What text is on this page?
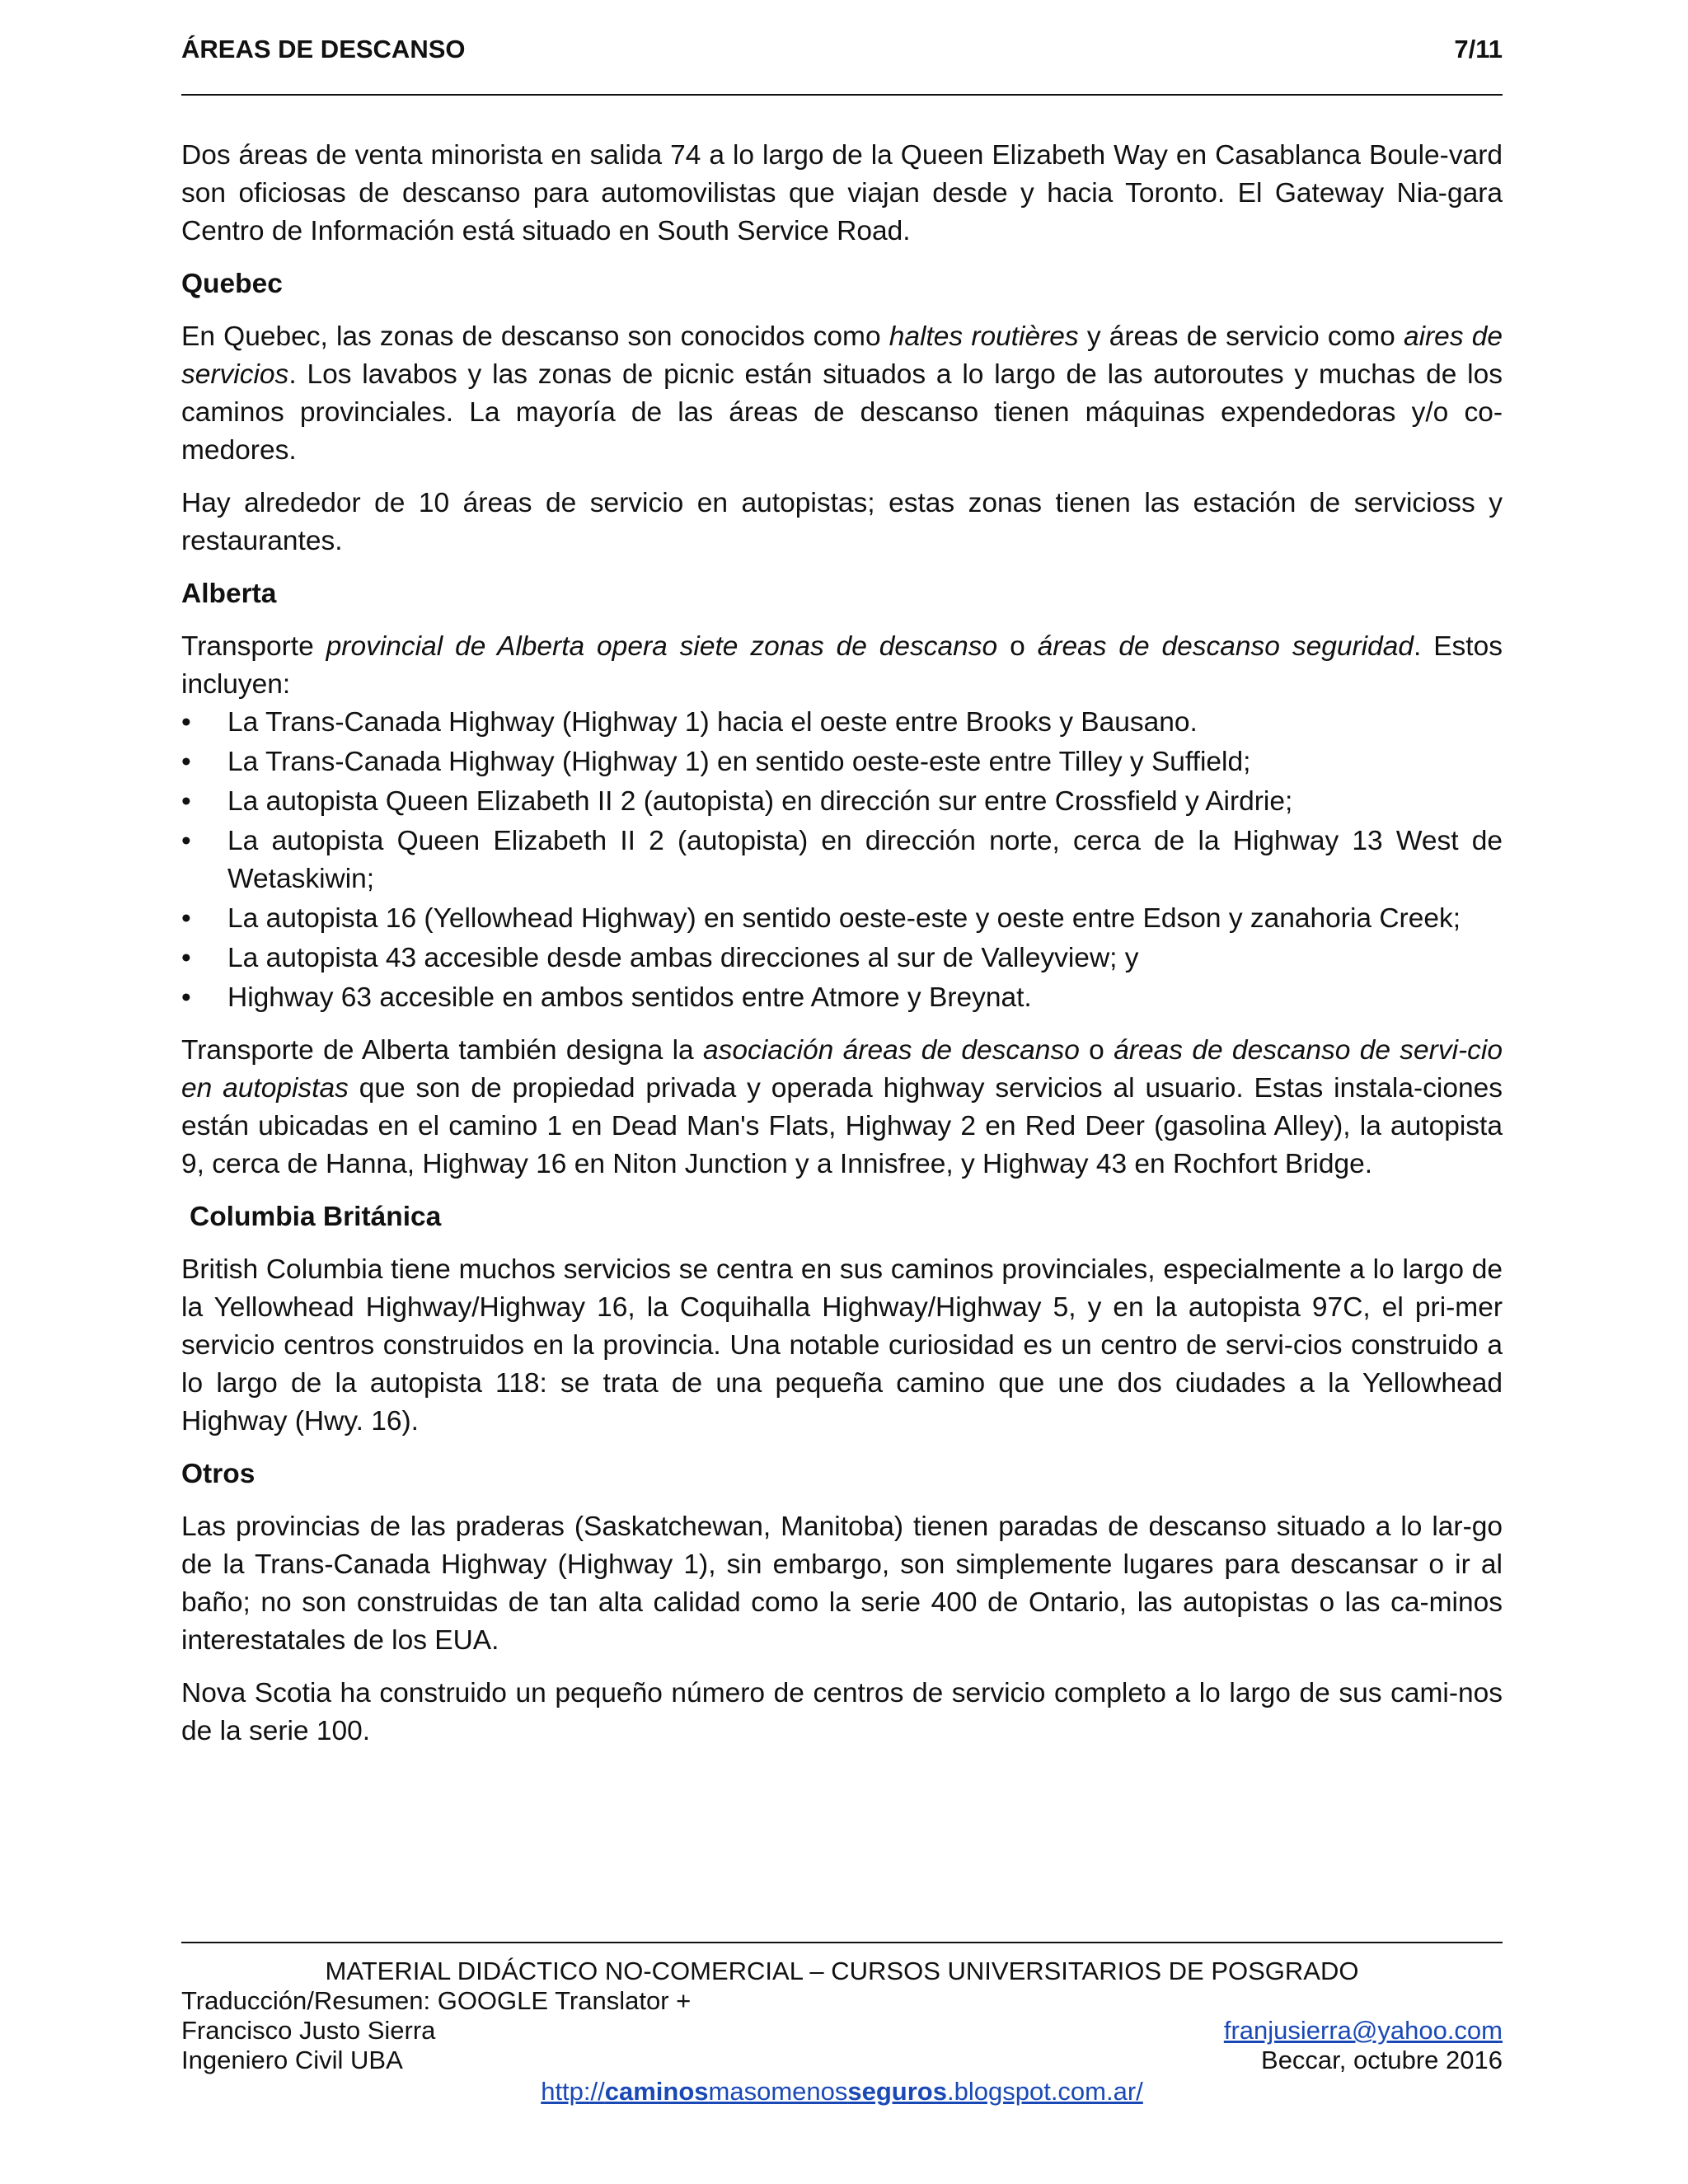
ÁREAS DE DESCANSO	7/11

Dos áreas de venta minorista en salida 74 a lo largo de la Queen Elizabeth Way en Casablanca Boule-vard son oficiosas de descanso para automovilistas que viajan desde y hacia Toronto. El Gateway Nia-gara Centro de Información está situado en South Service Road.

Quebec

En Quebec, las zonas de descanso son conocidos como haltes routières y áreas de servicio como aires de servicios. Los lavabos y las zonas de picnic están situados a lo largo de las autoroutes y muchas de los caminos provinciales. La mayoría de las áreas de descanso tienen máquinas expendedoras y/o co-medores.

Hay alrededor de 10 áreas de servicio en autopistas; estas zonas tienen las estación de servicioss y restaurantes.

Alberta

Transporte provincial de Alberta opera siete zonas de descanso o áreas de descanso seguridad. Estos incluyen:

• La Trans-Canada Highway (Highway 1) hacia el oeste entre Brooks y Bausano.
• La Trans-Canada Highway (Highway 1) en sentido oeste-este entre Tilley y Suffield;
• La autopista Queen Elizabeth II 2 (autopista) en dirección sur entre Crossfield y Airdrie;
• La autopista Queen Elizabeth II 2 (autopista) en dirección norte, cerca de la Highway 13 West de Wetaskiwin;
• La autopista 16 (Yellowhead Highway) en sentido oeste-este y oeste entre Edson y zanahoria Creek;
• La autopista 43 accesible desde ambas direcciones al sur de Valleyview; y
• Highway 63 accesible en ambos sentidos entre Atmore y Breynat.

Transporte de Alberta también designa la asociación áreas de descanso o áreas de descanso de servi-cio en autopistas que son de propiedad privada y operada highway servicios al usuario. Estas instala-ciones están ubicadas en el camino 1 en Dead Man's Flats, Highway 2 en Red Deer (gasolina Alley), la autopista 9, cerca de Hanna, Highway 16 en Niton Junction y a Innisfree, y Highway 43 en Rochfort Bridge.

Columbia Británica

British Columbia tiene muchos servicios se centra en sus caminos provinciales, especialmente a lo largo de la Yellowhead Highway/Highway 16, la Coquihalla Highway/Highway 5, y en la autopista 97C, el pri-mer servicio centros construidos en la provincia. Una notable curiosidad es un centro de servi-cios construido a lo largo de la autopista 118: se trata de una pequeña camino que une dos ciudades a la Yellowhead Highway (Hwy. 16).

Otros

Las provincias de las praderas (Saskatchewan, Manitoba) tienen paradas de descanso situado a lo lar-go de la Trans-Canada Highway (Highway 1), sin embargo, son simplemente lugares para descansar o ir al baño; no son construidas de tan alta calidad como la serie 400 de Ontario, las autopistas o las ca-minos interestatales de los EUA.

Nova Scotia ha construido un pequeño número de centros de servicio completo a lo largo de sus cami-nos de la serie 100.

MATERIAL DIDÁCTICO NO-COMERCIAL – CURSOS UNIVERSITARIOS DE POSGRADO
Traducción/Resumen: GOOGLE Translator +
Francisco Justo Sierra	franjusierra@yahoo.com
Ingeniero Civil UBA	Beccar, octubre 2016
http://caminosmasomenosseguros.blogspot.com.ar/
